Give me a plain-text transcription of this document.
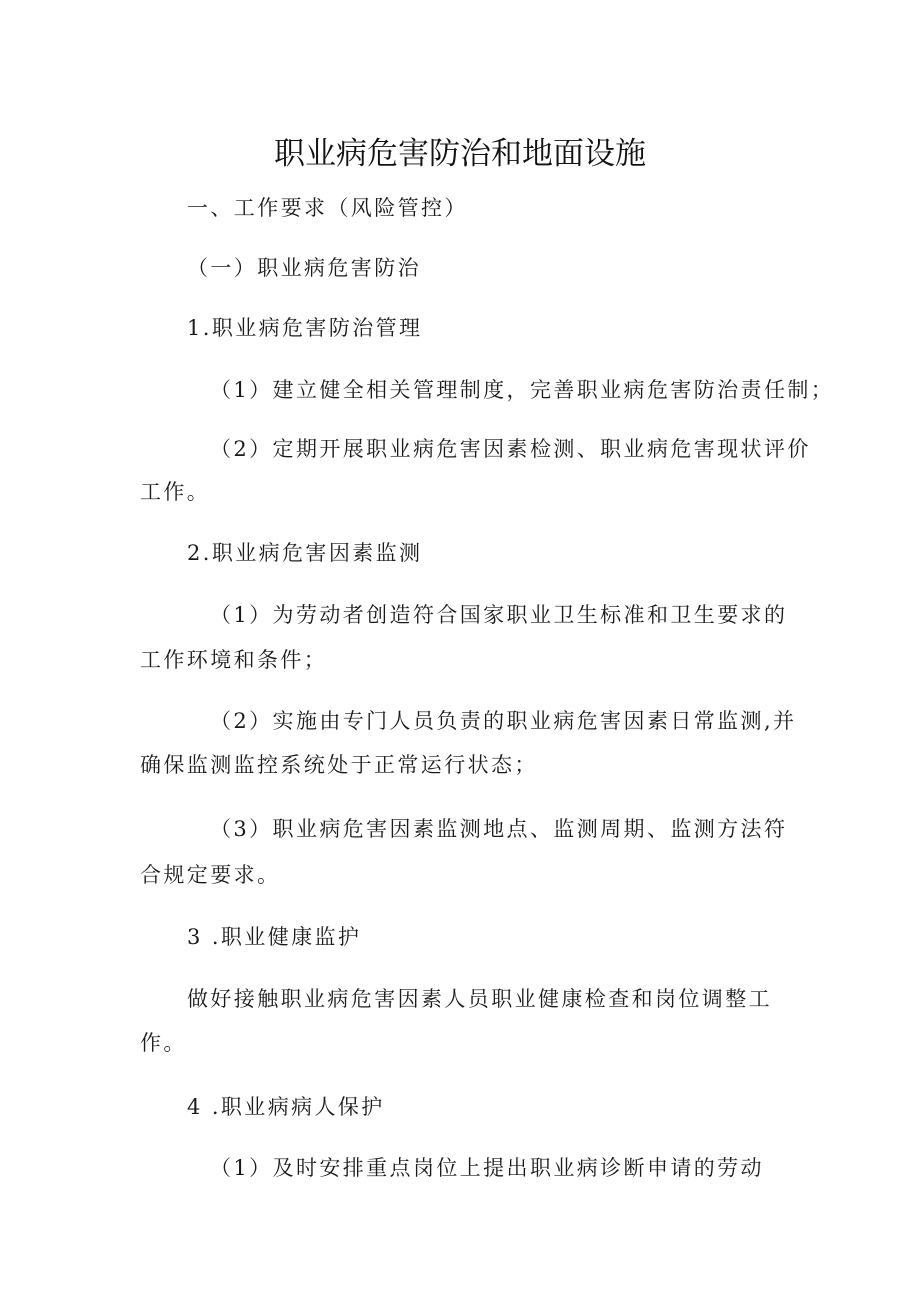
职业病危害防治和地面设施
一、工作要求（风险管控）
（一）职业病危害防治
1.职业病危害防治管理
（1）建立健全相关管理制度，完善职业病危害防治责任制；
（2）定期开展职业病危害因素检测、职业病危害现状评价
工作。
2.职业病危害因素监测
（1）为劳动者创造符合国家职业卫生标准和卫生要求的
工作环境和条件；
（2）实施由专门人员负责的职业病危害因素日常监测,并
确保监测监控系统处于正常运行状态；
（3）职业病危害因素监测地点、监测周期、监测方法符
合规定要求。
3 .职业健康监护
做好接触职业病危害因素人员职业健康检查和岗位调整工
作。
4 .职业病病人保护
（1）及时安排重点岗位上提出职业病诊断申请的劳动
